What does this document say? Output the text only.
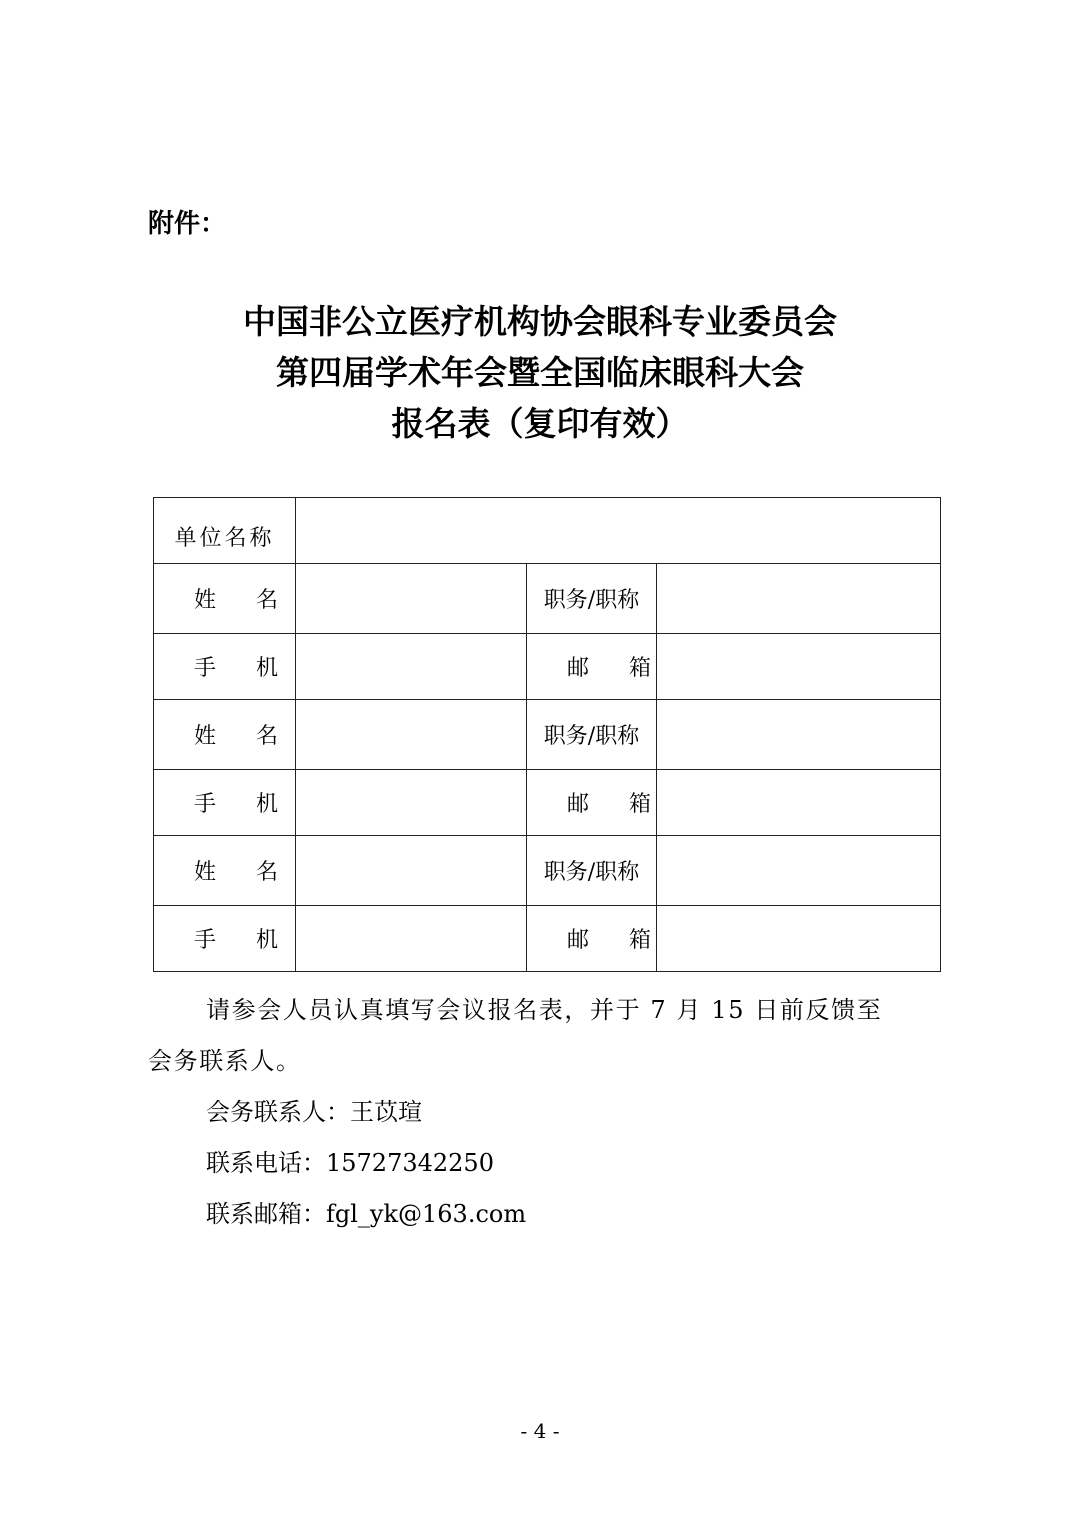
附件：
中国非公立医疗机构协会眼科专业委员会
第四届学术年会暨全国临床眼科大会
报名表（复印有效）
单位名称			
姓名		职务/职称	
手机		邮箱	
姓名		职务/职称	
手机		邮箱	
姓名		职务/职称	
手机		邮箱	

请参会人员认真填写会议报名表，并于 7 月 15 日前反馈至

会务联系人。

会务联系人：王苡瑄

联系电话：15727342250

联系邮箱：fgl_yk@163.com

- 4 -
